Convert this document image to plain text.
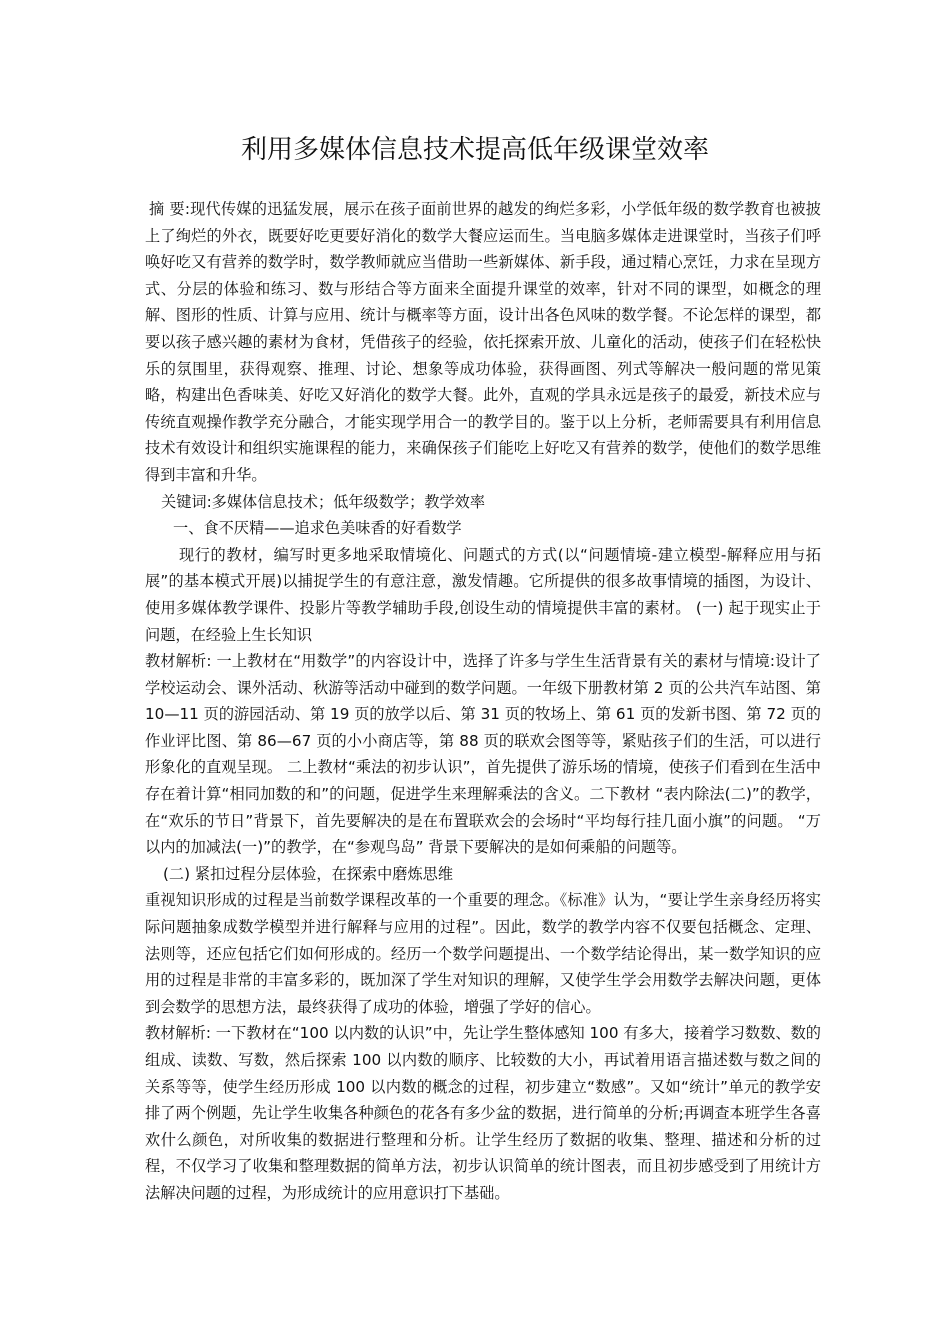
利用多媒体信息技术提高低年级课堂效率

摘 要:现代传媒的迅猛发展，展示在孩子面前世界的越发的绚烂多彩，小学低年级的数学教育也被披上了绚烂的外衣，既要好吃更要好消化的数学大餐应运而生。当电脑多媒体走进课堂时，当孩子们呼唤好吃又有营养的数学时，数学教师就应当借助一些新媒体、新手段，通过精心烹饪，力求在呈现方式、分层的体验和练习、数与形结合等方面来全面提升课堂的效率，针对不同的课型，如概念的理解、图形的性质、计算与应用、统计与概率等方面，设计出各色风味的数学餐。不论怎样的课型，都要以孩子感兴趣的素材为食材，凭借孩子的经验，依托探索开放、儿童化的活动，使孩子们在轻松快乐的氛围里，获得观察、推理、讨论、想象等成功体验，获得画图、列式等解决一般问题的常见策略，构建出色香味美、好吃又好消化的数学大餐。此外，直观的学具永远是孩子的最爱，新技术应与传统直观操作教学充分融合，才能实现学用合一的教学目的。鉴于以上分析，老师需要具有利用信息技术有效设计和组织实施课程的能力，来确保孩子们能吃上好吃又有营养的数学，使他们的数学思维得到丰富和升华。

关键词:多媒体信息技术；低年级数学；教学效率

一、食不厌精——追求色美味香的好看数学

现行的教材，编写时更多地采取情境化、问题式的方式(以“问题情境-建立模型-解释应用与拓展”的基本模式开展)以捕捉学生的有意注意，激发情趣。它所提供的很多故事情境的插图，为设计、使用多媒体教学课件、投影片等教学辅助手段,创设生动的情境提供丰富的素材。 (一) 起于现实止于问题，在经验上生长知识

教材解析: 一上教材在“用数学”的内容设计中，选择了许多与学生生活背景有关的素材与情境:设计了学校运动会、课外活动、秋游等活动中碰到的数学问题。一年级下册教材第 2 页的公共汽车站图、第 10—11 页的游园活动、第 19 页的放学以后、第 31 页的牧场上、第 61 页的发新书图、第 72 页的作业评比图、第 86—67 页的小小商店等，第 88 页的联欢会图等等，紧贴孩子们的生活，可以进行形象化的直观呈现。 二上教材“乘法的初步认识”，首先提供了游乐场的情境，使孩子们看到在生活中存在着计算“相同加数的和”的问题，促进学生来理解乘法的含义。二下教材 “表内除法(二)”的教学，在“欢乐的节日”背景下，首先要解决的是在布置联欢会的会场时“平均每行挂几面小旗”的问题。 “万以内的加减法(一)”的教学，在“参观鸟岛” 背景下要解决的是如何乘船的问题等。

(二) 紧扣过程分层体验，在探索中磨炼思维

重视知识形成的过程是当前数学课程改革的一个重要的理念。《标准》认为，“要让学生亲身经历将实际问题抽象成数学模型并进行解释与应用的过程”。因此，数学的教学内容不仅要包括概念、定理、法则等，还应包括它们如何形成的。经历一个数学问题提出、一个数学结论得出，某一数学知识的应用的过程是非常的丰富多彩的，既加深了学生对知识的理解，又使学生学会用数学去解决问题，更体到会数学的思想方法，最终获得了成功的体验，增强了学好的信心。

教材解析: 一下教材在“100 以内数的认识”中，先让学生整体感知 100 有多大，接着学习数数、数的组成、读数、写数，然后探索 100 以内数的顺序、比较数的大小，再试着用语言描述数与数之间的关系等等，使学生经历形成 100 以内数的概念的过程，初步建立“数感”。又如“统计”单元的教学安排了两个例题，先让学生收集各种颜色的花各有多少盆的数据，进行简单的分析;再调查本班学生各喜欢什么颜色，对所收集的数据进行整理和分析。让学生经历了数据的收集、整理、描述和分析的过程，不仅学习了收集和整理数据的简单方法，初步认识简单的统计图表，而且初步感受到了用统计方法解决问题的过程，为形成统计的应用意识打下基础。
